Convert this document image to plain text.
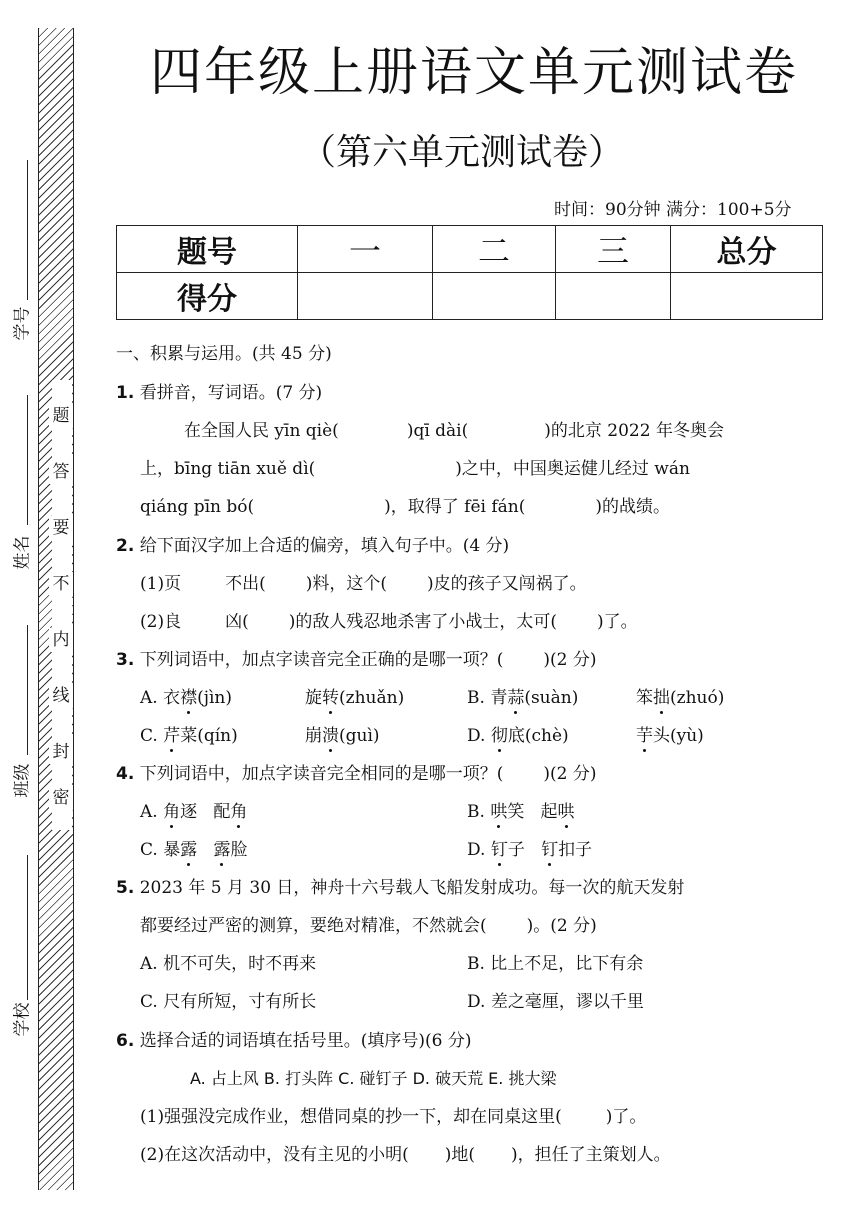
题
答
要
不
内
线
封
密
学号
姓名
班级
学校
四年级上册语文单元测试卷
（第六单元测试卷）
时间：90分钟 满分：100+5分
题号	一	二	三	总分
得分				
一、积累与运用。(共 45 分)
1. 看拼音，写词语。(7 分)
在全国人民 yīn qiè(	)qī dài(	)的北京 2022 年冬奥会
上，bīng tiān xuě dì(	)之中，中国奥运健儿经过 wán
qiáng pīn bó(	)，取得了 fēi fán(	)的战绩。
2. 给下面汉字加上合适的偏旁，填入句子中。(4 分)
(1)页	不出( )料，这个( )皮的孩子又闯祸了。
(2)良	凶( )的敌人残忍地杀害了小战士，太可( )了。
3. 下列词语中，加点字读音完全正确的是哪一项？( )(2 分)
A. 衣襟(jìn)	旋转(zhuǎn)	B. 青蒜(suàn)	笨拙(zhuó)
C. 芹菜(qín)	崩溃(guì)	D. 彻底(chè)	芋头(yù)
4. 下列词语中，加点字读音完全相同的是哪一项？( )(2 分)
A. 角逐 配角	B. 哄笑 起哄
C. 暴露 露脸	D. 钉子 钉扣子
5. 2023 年 5 月 30 日，神舟十六号载人飞船发射成功。每一次的航天发射
都要经过严密的测算，要绝对精准，不然就会( )。(2 分)
A. 机不可失，时不再来	B. 比上不足，比下有余
C. 尺有所短，寸有所长	D. 差之毫厘，谬以千里
6. 选择合适的词语填在括号里。(填序号)(6 分)
A. 占上风 B. 打头阵 C. 碰钉子 D. 破天荒 E. 挑大梁
(1)强强没完成作业，想借同桌的抄一下，却在同桌这里(	)了。
(2)在这次活动中，没有主见的小明( )地( )，担任了主策划人。
